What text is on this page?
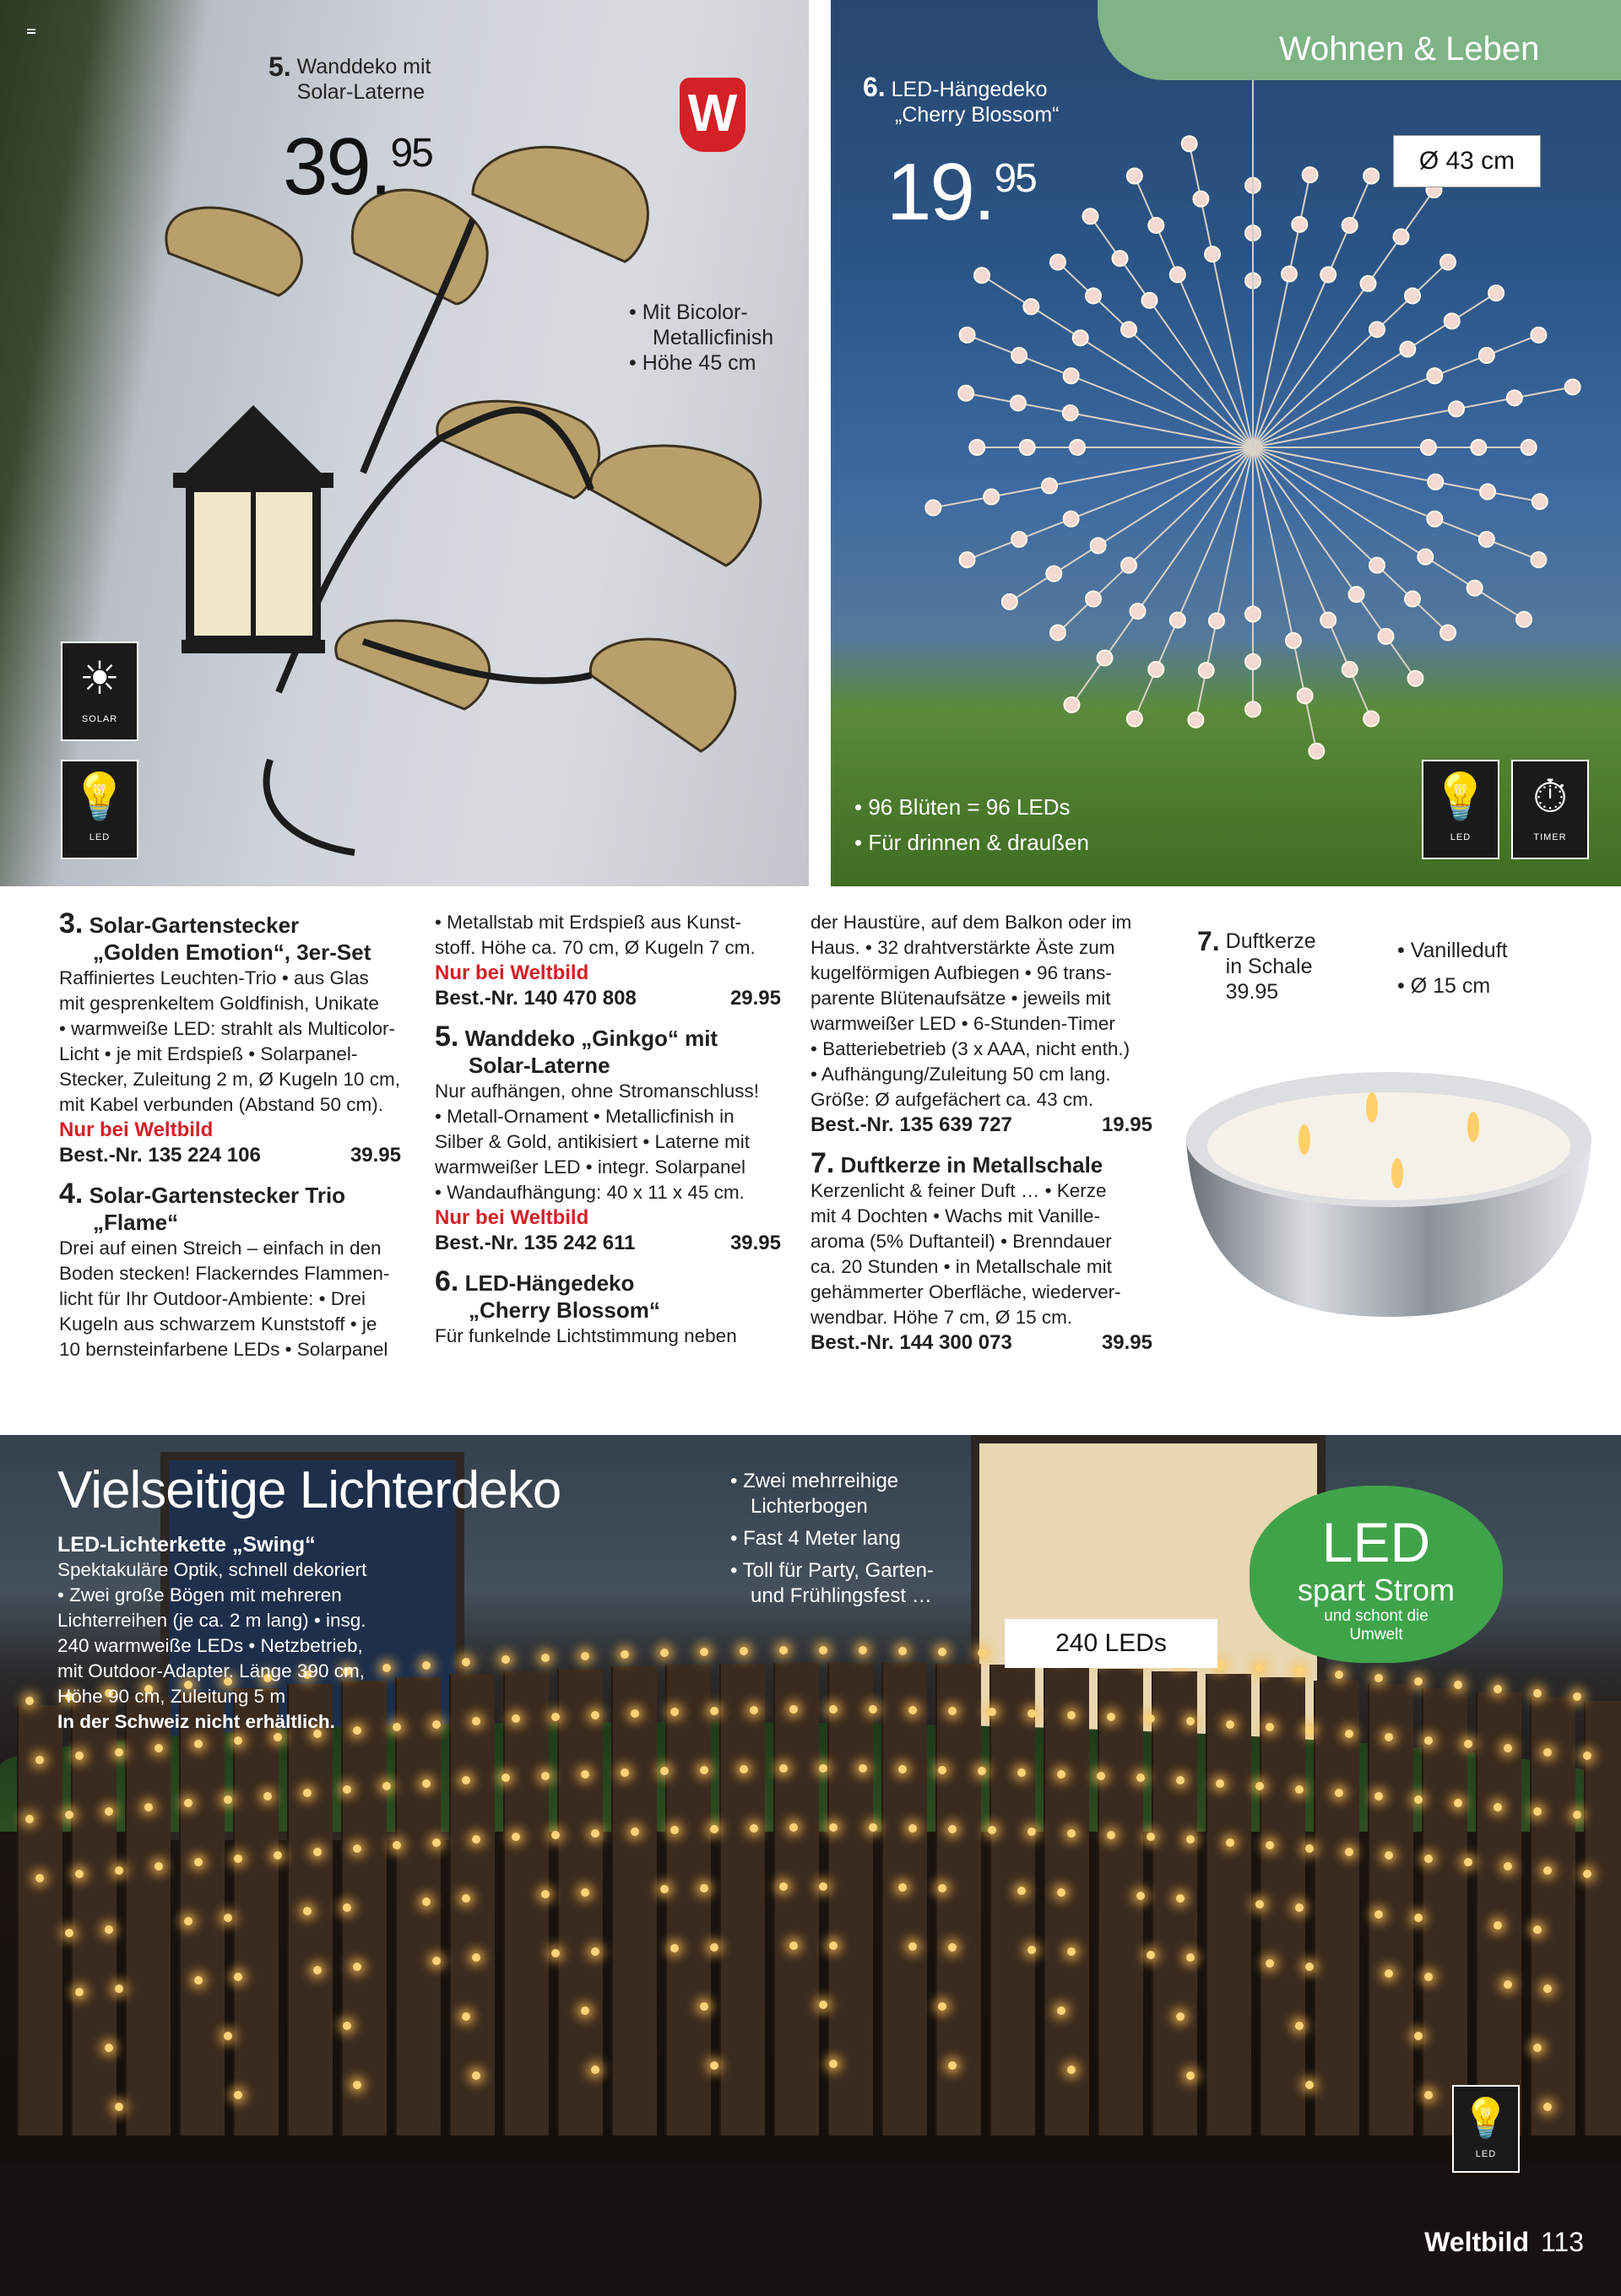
5. Wanddeko mit Solar-Laterne
39.95
W
• Mit Bicolor-
Metallicfinish
• Höhe 45 cm
☀
SOLAR
💡
LED
Wohnen & Leben
6. LED-Hängedeko
„Cherry Blossom“
19.95	Ø 43 cm
• 96 Blüten = 96 LEDs
• Für drinnen & draußen
💡
LED
⏱
TIMER

3. Solar-Gartenstecker

„Golden Emotion“, 3er-Set

Raffiniertes Leuchten-Trio • aus Glas

mit gesprenkeltem Goldfinish, Unikate

• warmweiße LED: strahlt als Multicolor-

Licht • je mit Erdspieß • Solarpanel-

Stecker, Zuleitung 2 m, Ø Kugeln 10 cm,

mit Kabel verbunden (Abstand 50 cm).

Nur bei Weltbild

Best.-Nr. 135 224 106	39.95

4. Solar-Gartenstecker Trio

„Flame“

Drei auf einen Streich – einfach in den

Boden stecken! Flackerndes Flammen-

licht für Ihr Outdoor-Ambiente: • Drei

Kugeln aus schwarzem Kunststoff • je

10 bernsteinfarbene LEDs • Solarpanel

• Metallstab mit Erdspieß aus Kunst-

stoff. Höhe ca. 70 cm, Ø Kugeln 7 cm.

Nur bei Weltbild

Best.-Nr. 140 470 808	29.95

5. Wanddeko „Ginkgo“ mit

Solar-Laterne

Nur aufhängen, ohne Stromanschluss!

• Metall-Ornament • Metallicfinish in

Silber & Gold, antikisiert • Laterne mit

warmweißer LED • integr. Solarpanel

• Wandaufhängung: 40 x 11 x 45 cm.

Nur bei Weltbild

Best.-Nr. 135 242 611	39.95

6. LED-Hängedeko

„Cherry Blossom“

Für funkelnde Lichtstimmung neben

der Haustüre, auf dem Balkon oder im

Haus. • 32 drahtverstärkte Äste zum

kugelförmigen Aufbiegen • 96 trans-

parente Blütenaufsätze • jeweils mit

warmweißer LED • 6-Stunden-Timer

• Batteriebetrieb (3 x AAA, nicht enth.)

• Aufhängung/Zuleitung 50 cm lang.

Größe: Ø aufgefächert ca. 43 cm.

Best.-Nr. 135 639 727	19.95

7. Duftkerze in Metallschale

Kerzenlicht & feiner Duft … • Kerze

mit 4 Dochten • Wachs mit Vanille-

aroma (5% Duftanteil) • Brenndauer

ca. 20 Stunden • in Metallschale mit

gehämmerter Oberfläche, wiederver-

wendbar. Höhe 7 cm, Ø 15 cm.

Best.-Nr. 144 300 073	39.95

7. Duftkerze
in Schale
39.95
• Vanilleduft
• Ø 15 cm
Vielseitige Lichterdeko
LED-Lichterkette „Swing“
Spektakuläre Optik, schnell dekoriert
• Zwei große Bögen mit mehreren
Lichterreihen (je ca. 2 m lang) • insg.
240 warmweiße LEDs • Netzbetrieb,
mit Outdoor-Adapter. Länge 390 cm,
Höhe 90 cm, Zuleitung 5 m
In der Schweiz nicht erhältlich.
• Zwei mehrreihige
Lichterbogen
• Fast 4 Meter lang
• Toll für Party, Garten-
und Frühlingsfest …
240 LEDs
LED
spart Strom
und schont die
Umwelt
💡
LED
Weltbild 113
